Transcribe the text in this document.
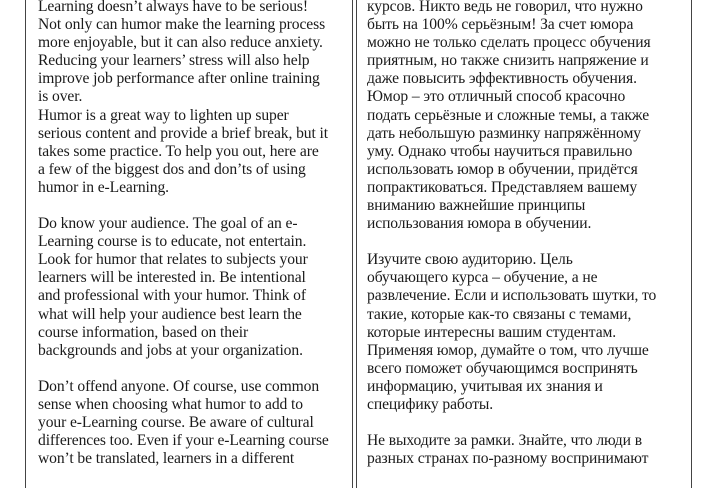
Learning doesn’t always have to be serious!
Not only can humor make the learning process
more enjoyable, but it can also reduce anxiety.
Reducing your learners’ stress will also help
improve job performance after online training
is over.
Humor is a great way to lighten up super
serious content and provide a brief break, but it
takes some practice. To help you out, here are
a few of the biggest dos and don’ts of using
humor in e-Learning.

Do know your audience. The goal of an e-
Learning course is to educate, not entertain.
Look for humor that relates to subjects your
learners will be interested in. Be intentional
and professional with your humor. Think of
what will help your audience best learn the
course information, based on their
backgrounds and jobs at your organization.

Don’t offend anyone. Of course, use common
sense when choosing what humor to add to
your e-Learning course. Be aware of cultural
differences too. Even if your e-Learning course
won’t be translated, learners in a different

курсов. Никто ведь не говорил, что нужно
быть на 100% серьёзным! За счет юмора
можно не только сделать процесс обучения
приятным, но также снизить напряжение и
даже повысить эффективность обучения.
Юмор – это отличный способ красочно
подать серьёзные и сложные темы, а также
дать небольшую разминку напряжённому
уму. Однако чтобы научиться правильно
использовать юмор в обучении, придётся
попрактиковаться. Представляем вашему
вниманию важнейшие принципы
использования юмора в обучении.

Изучите свою аудиторию. Цель
обучающего курса – обучение, а не
развлечение. Если и использовать шутки, то
такие, которые как-то связаны с темами,
которые интересны вашим студентам.
Применяя юмор, думайте о том, что лучше
всего поможет обучающимся воспринять
информацию, учитывая их знания и
специфику работы.

Не выходите за рамки. Знайте, что люди в
разных странах по-разному воспринимают
